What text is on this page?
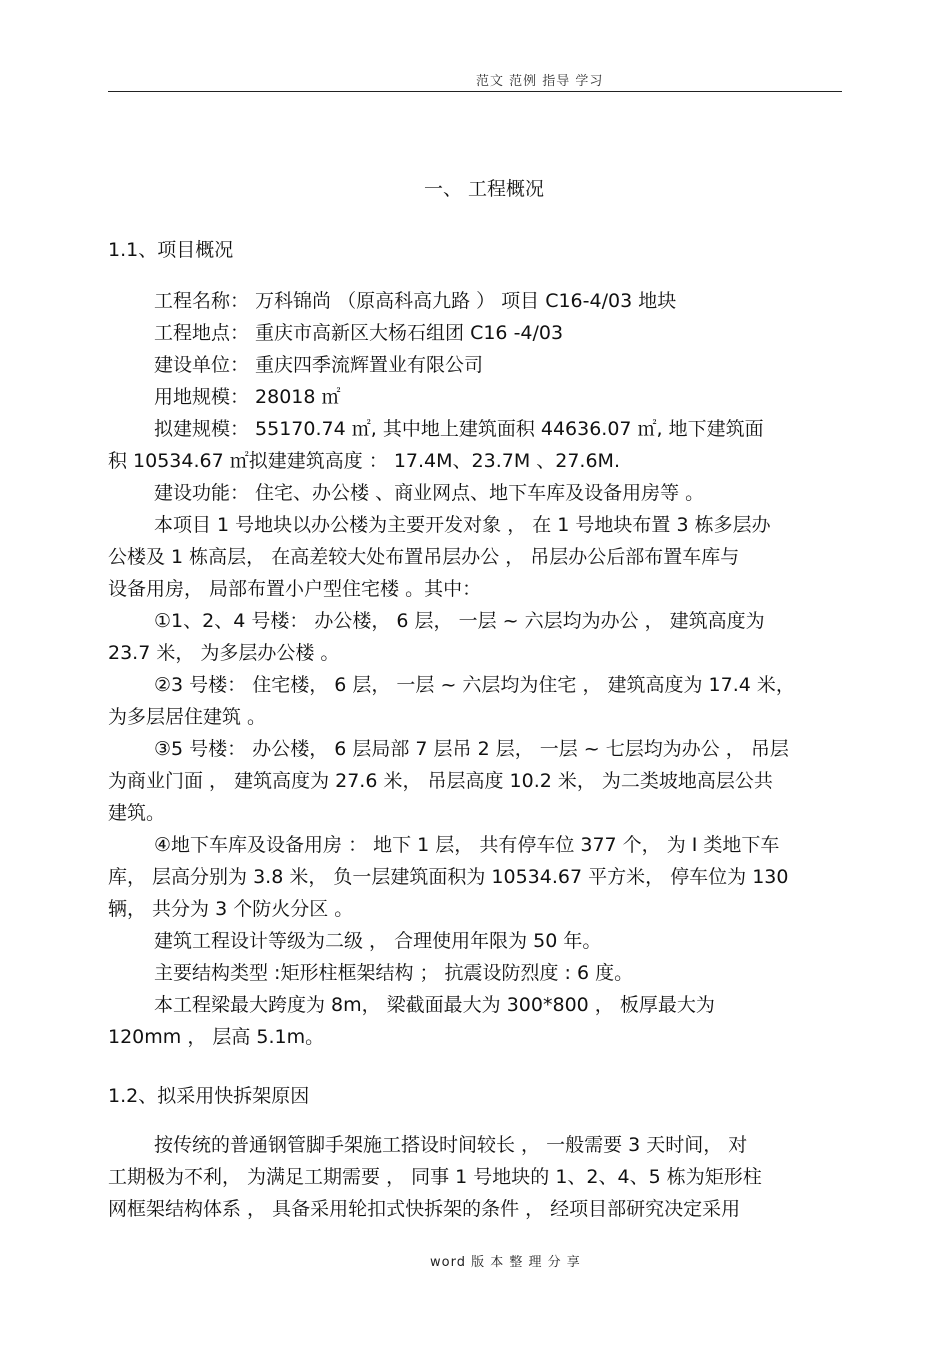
范文 范例 指导 学习
一、 工程概况
1.1、项目概况
工程名称： 万科锦尚 （原高科高九路 ） 项目 C16-4/03 地块
工程地点： 重庆市高新区大杨石组团 C16 -4/03
建设单位： 重庆四季流辉置业有限公司
用地规模： 28018 ㎡
拟建规模： 55170.74 ㎡, 其中地上建筑面积 44636.07 ㎡, 地下建筑面
积 10534.67 ㎡拟建建筑高度 ： 17.4M、23.7M 、27.6M.
建设功能： 住宅、办公楼 、商业网点、地下车库及设备用房等 。
本项目 1 号地块以办公楼为主要开发对象 ， 在 1 号地块布置 3 栋多层办
公楼及 1 栋高层， 在高差较大处布置吊层办公 ， 吊层办公后部布置车库与
设备用房， 局部布置小户型住宅楼 。其中：
①1、2、4 号楼： 办公楼， 6 层， 一层 ~ 六层均为办公 ， 建筑高度为
23.7 米， 为多层办公楼 。
②3 号楼： 住宅楼， 6 层， 一层 ~ 六层均为住宅 ， 建筑高度为 17.4 米，
为多层居住建筑 。
③5 号楼： 办公楼， 6 层局部 7 层吊 2 层， 一层 ~ 七层均为办公 ， 吊层
为商业门面 ， 建筑高度为 27.6 米， 吊层高度 10.2 米， 为二类坡地高层公共
建筑。
④地下车库及设备用房 ： 地下 1 层， 共有停车位 377 个， 为 I 类地下车
库， 层高分别为 3.8 米， 负一层建筑面积为 10534.67 平方米， 停车位为 130
辆， 共分为 3 个防火分区 。
建筑工程设计等级为二级 ， 合理使用年限为 50 年。
主要结构类型 :矩形柱框架结构 ； 抗震设防烈度 : 6 度。
本工程梁最大跨度为 8m， 梁截面最大为 300*800 ， 板厚最大为
120mm ， 层高 5.1m。
1.2、拟采用快拆架原因
按传统的普通钢管脚手架施工搭设时间较长 ， 一般需要 3 天时间， 对
工期极为不利， 为满足工期需要 ， 同事 1 号地块的 1、2、4、5 栋为矩形柱
网框架结构体系 ， 具备采用轮扣式快拆架的条件 ， 经项目部研究决定采用
word 版 本 整 理 分 享
